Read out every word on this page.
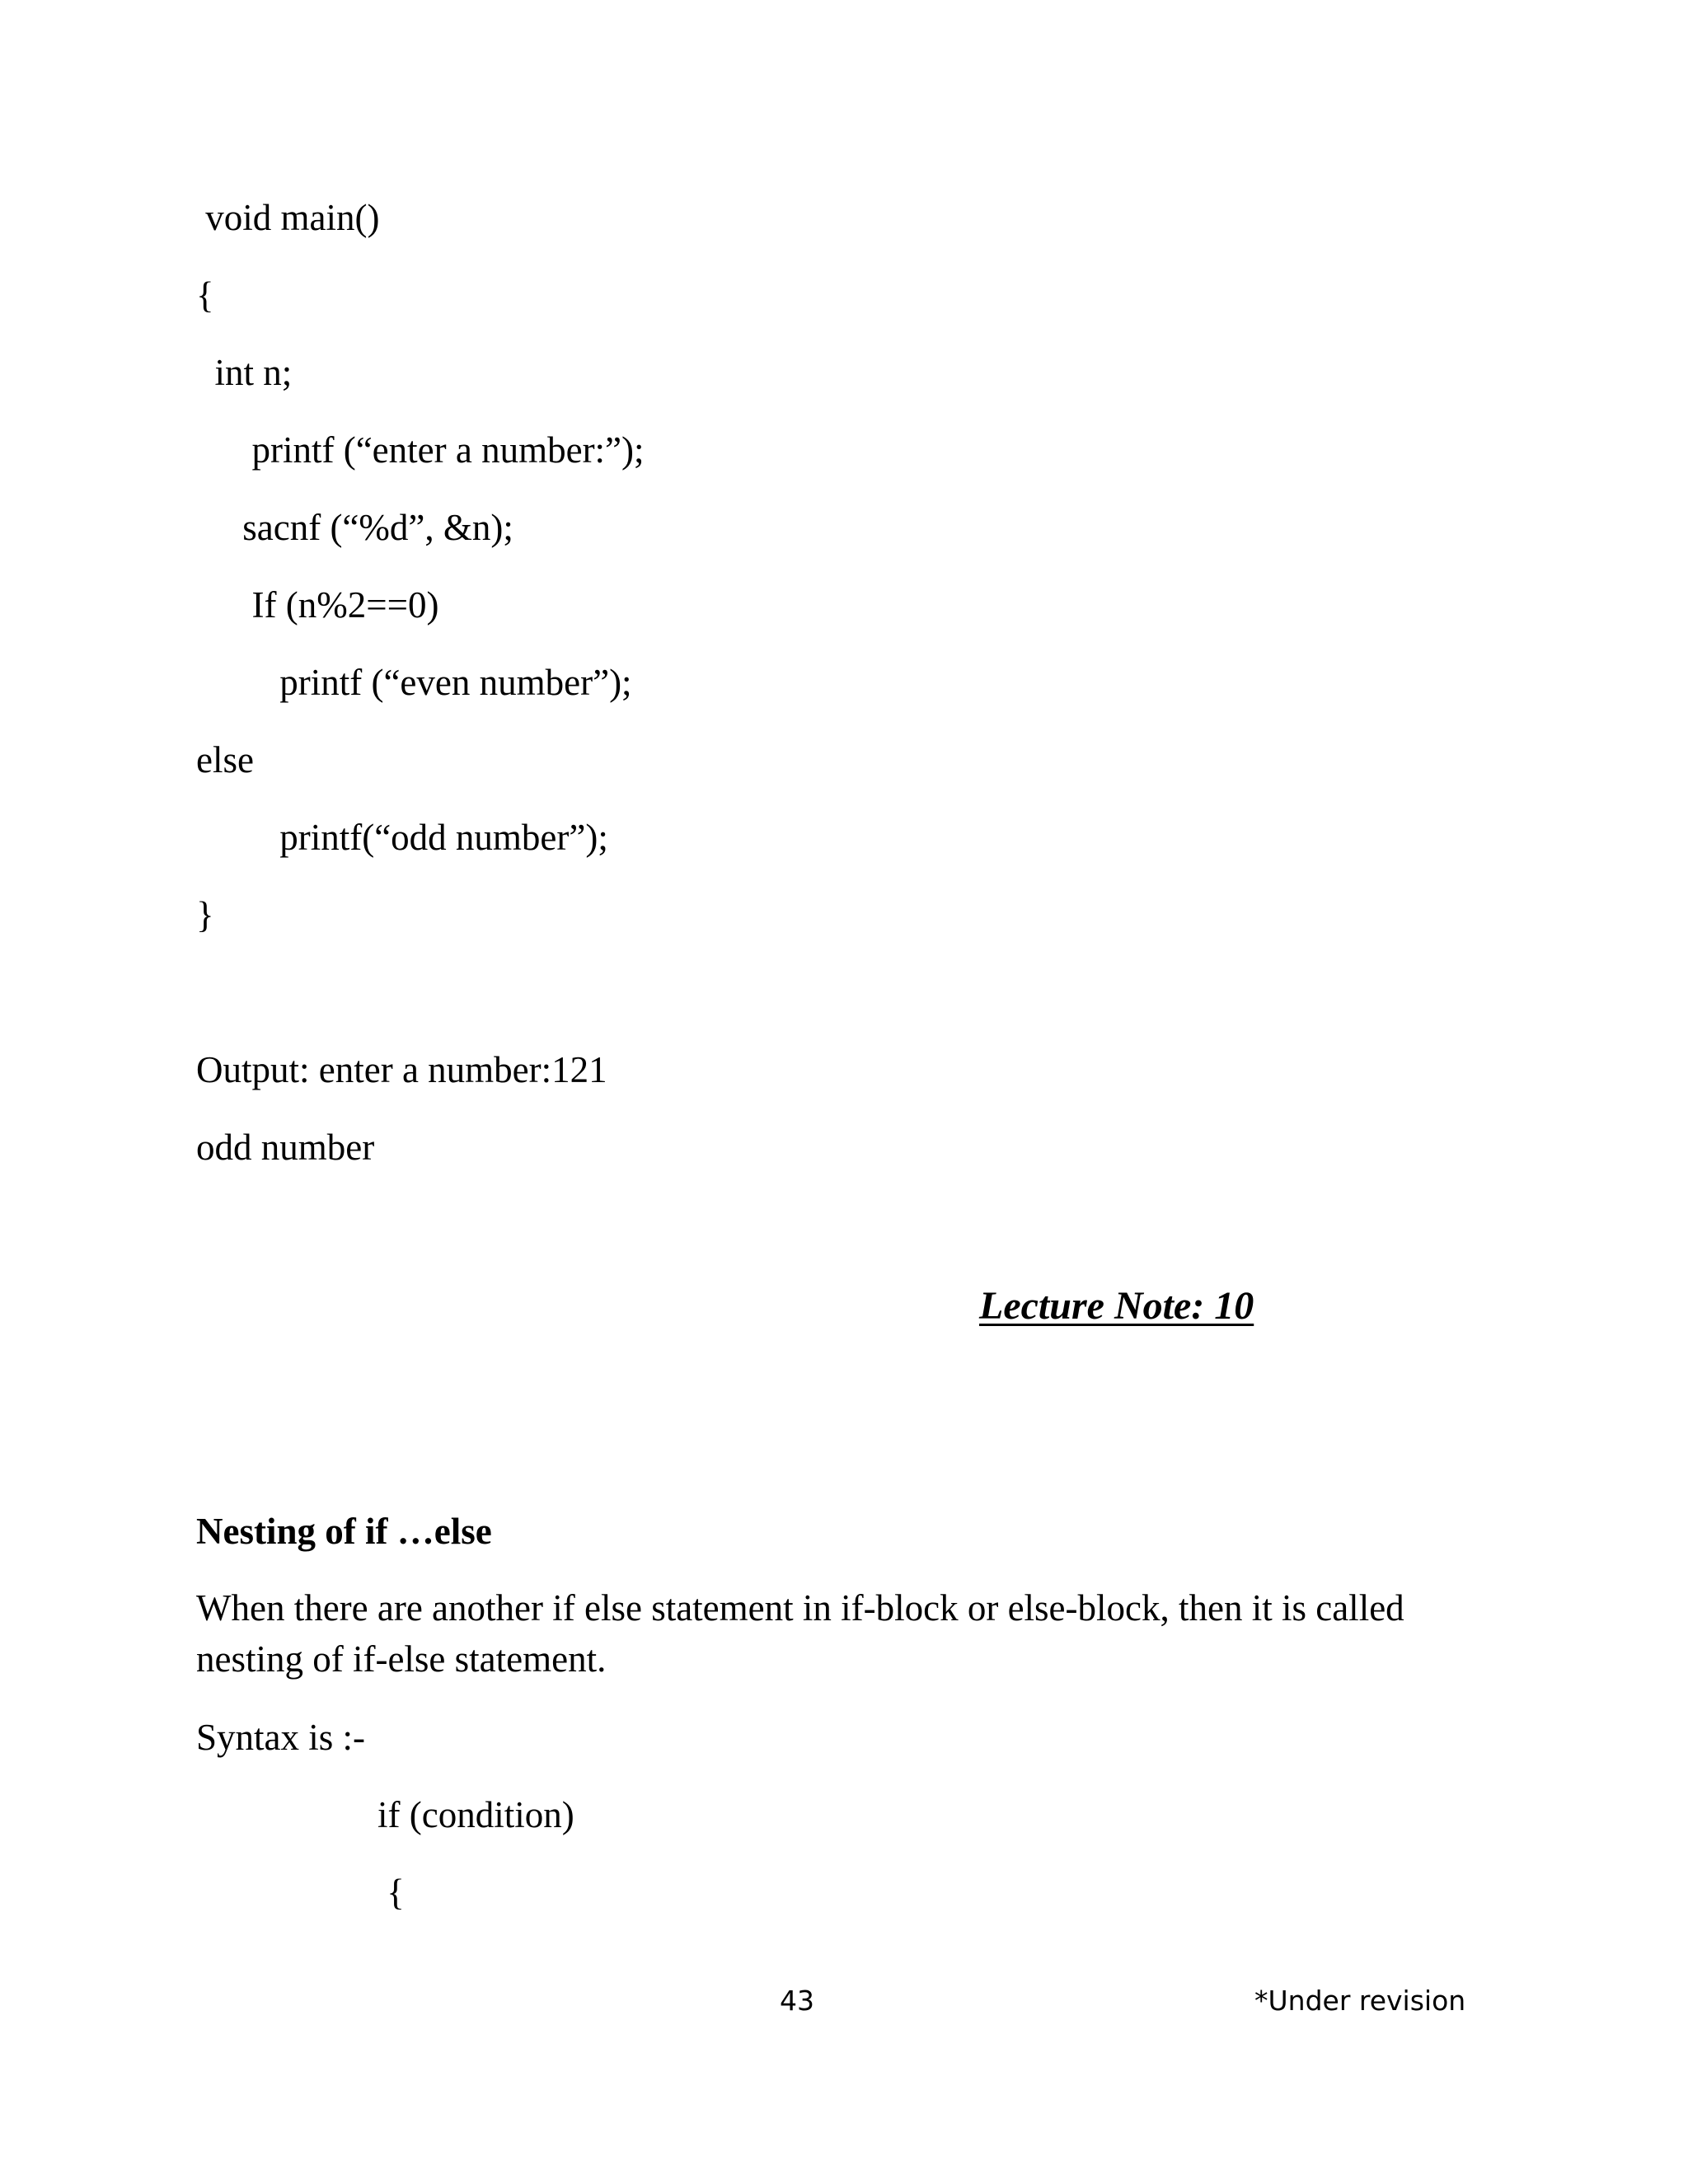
void main()
{
int n;
printf (“enter a number:”);
sacnf (“%d”, &n);
If (n%2==0)
printf (“even number”);
else
printf(“odd number”);
}
Output: enter a number:121
odd number
Lecture Note: 10
Nesting of if …else
When there are another if else statement in if-block or else-block, then it is called nesting of if-else statement.
Syntax is :-
if (condition)
{
43	*Under revision
